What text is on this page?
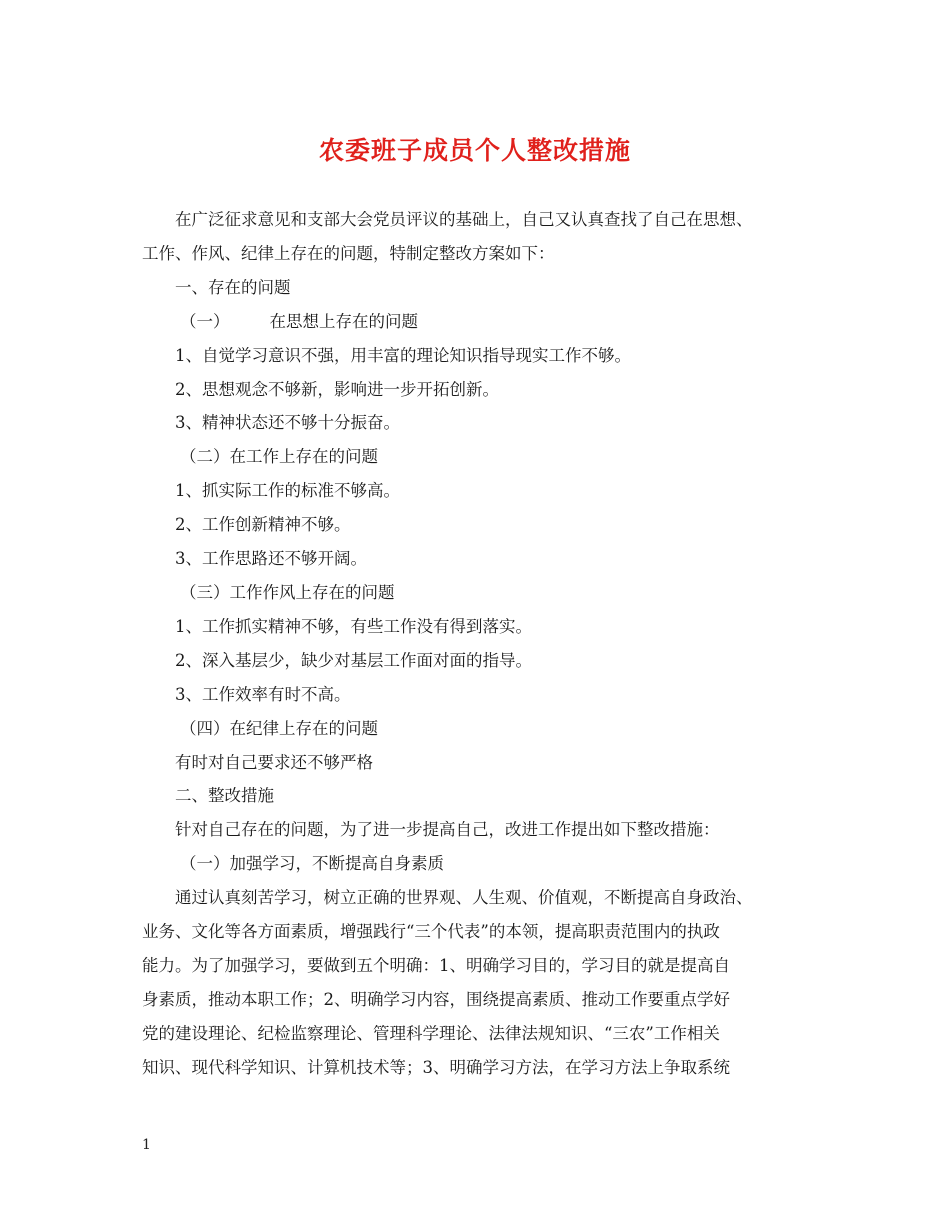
农委班子成员个人整改措施

在广泛征求意见和支部大会党员评议的基础上，自己又认真查找了自己在思想、

工作、作风、纪律上存在的问题，特制定整改方案如下：

一、存在的问题

（一） 在思想上存在的问题

1、自觉学习意识不强，用丰富的理论知识指导现实工作不够。

2、思想观念不够新，影响进一步开拓创新。

3、精神状态还不够十分振奋。

（二）在工作上存在的问题

1、抓实际工作的标准不够高。

2、工作创新精神不够。

3、工作思路还不够开阔。

（三）工作作风上存在的问题

1、工作抓实精神不够，有些工作没有得到落实。

2、深入基层少，缺少对基层工作面对面的指导。

3、工作效率有时不高。

（四）在纪律上存在的问题

有时对自己要求还不够严格

二、整改措施

针对自己存在的问题，为了进一步提高自己，改进工作提出如下整改措施：

（一）加强学习，不断提高自身素质

通过认真刻苦学习，树立正确的世界观、人生观、价值观，不断提高自身政治、

业务、文化等各方面素质，增强践行“三个代表”的本领，提高职责范围内的执政

能力。为了加强学习，要做到五个明确：1、明确学习目的，学习目的就是提高自

身素质，推动本职工作；2、明确学习内容，围绕提高素质、推动工作要重点学好

党的建设理论、纪检监察理论、管理科学理论、法律法规知识、“三农”工作相关

知识、现代科学知识、计算机技术等；3、明确学习方法，在学习方法上争取系统

1
